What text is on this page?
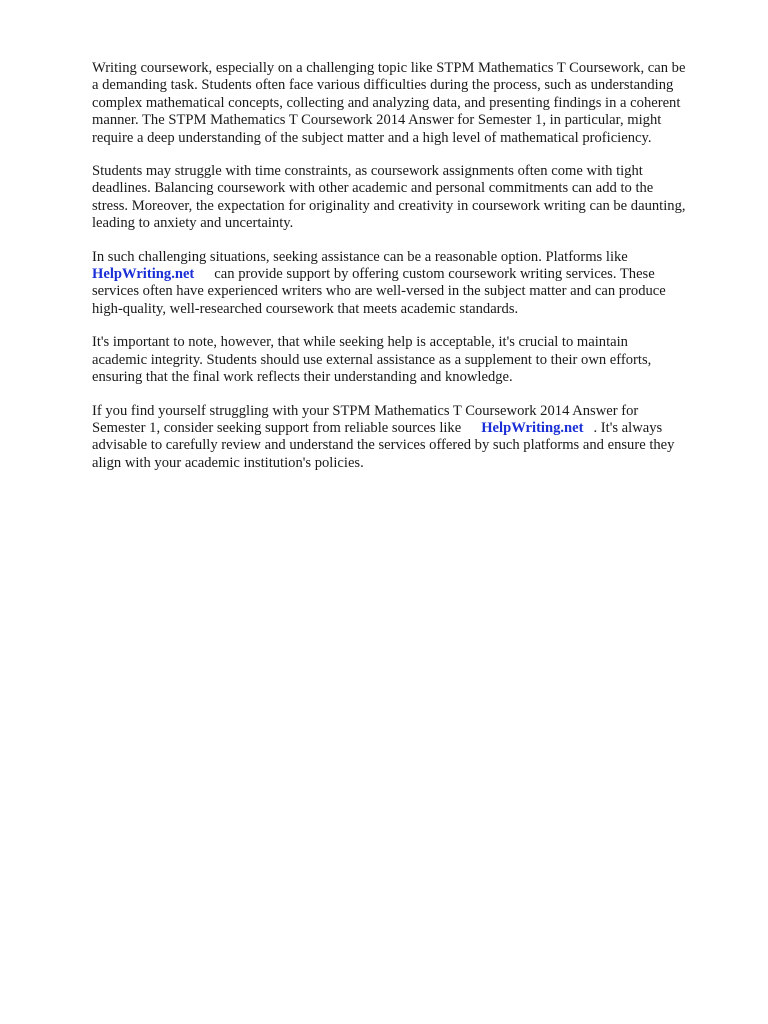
Writing coursework, especially on a challenging topic like STPM Mathematics T Coursework, can be
a demanding task. Students often face various difficulties during the process, such as understanding
complex mathematical concepts, collecting and analyzing data, and presenting findings in a coherent
manner. The STPM Mathematics T Coursework 2014 Answer for Semester 1, in particular, might
require a deep understanding of the subject matter and a high level of mathematical proficiency.

Students may struggle with time constraints, as coursework assignments often come with tight
deadlines. Balancing coursework with other academic and personal commitments can add to the
stress. Moreover, the expectation for originality and creativity in coursework writing can be daunting,
leading to anxiety and uncertainty.

In such challenging situations, seeking assistance can be a reasonable option. Platforms like
HelpWriting.net can provide support by offering custom coursework writing services. These
services often have experienced writers who are well-versed in the subject matter and can produce
high-quality, well-researched coursework that meets academic standards.

It's important to note, however, that while seeking help is acceptable, it's crucial to maintain
academic integrity. Students should use external assistance as a supplement to their own efforts,
ensuring that the final work reflects their understanding and knowledge.

If you find yourself struggling with your STPM Mathematics T Coursework 2014 Answer for
Semester 1, consider seeking support from reliable sources like HelpWriting.net . It's always
advisable to carefully review and understand the services offered by such platforms and ensure they
align with your academic institution's policies.
